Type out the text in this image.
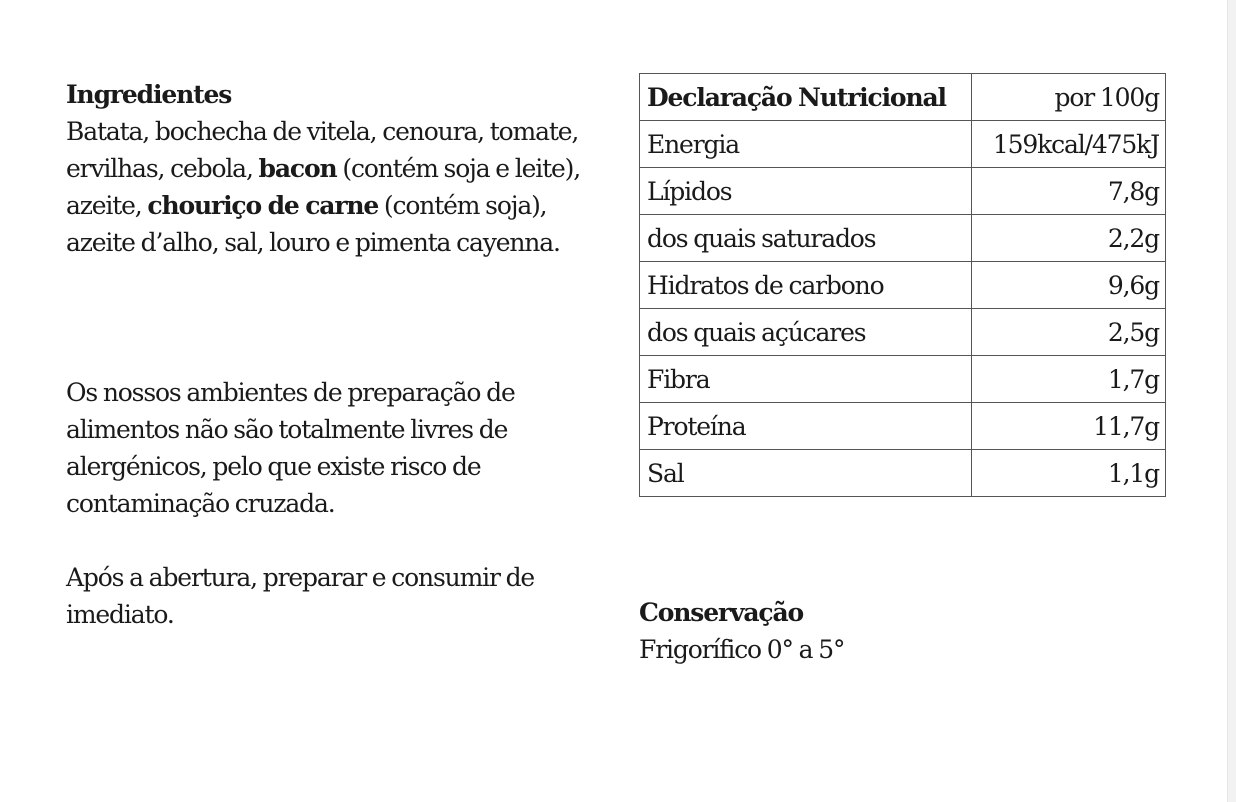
Ingredientes

Batata, bochecha de vitela, cenoura, tomate, ervilhas, cebola, bacon (contém soja e leite), azeite, chouriço de carne (contém soja), azeite d’alho, sal, louro e pimenta cayenna.

Os nossos ambientes de preparação de alimentos não são totalmente livres de alergénicos, pelo que existe risco de contaminação cruzada.

Após a abertura, preparar e consumir de imediato.

Declaração Nutricional	por 100g
Energia	159kcal/475kJ
Lípidos	7,8g
dos quais saturados	2,2g
Hidratos de carbono	9,6g
dos quais açúcares	2,5g
Fibra	1,7g
Proteína	11,7g
Sal	1,1g

Conservação

Frigorífico 0° a 5°
